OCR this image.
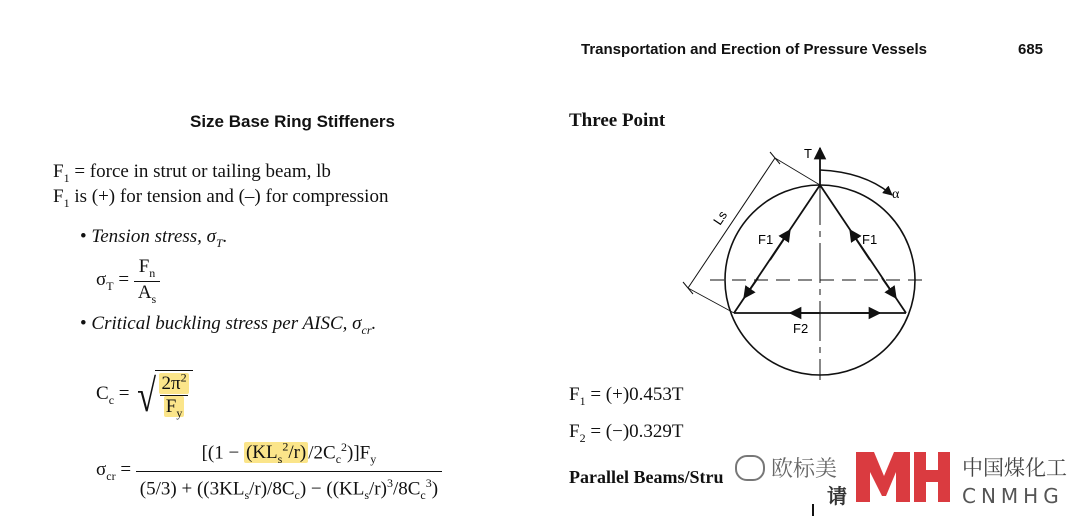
Transportation and Erection of Pressure Vessels	685
Size Base Ring Stiffeners
$F_1$ = force in strut or tailing beam, lb
$F_1$ is (+) for tension and (–) for compression
• Tension stress, $\sigma_T$.
$\sigma_T = \frac{F_n}{A_s}$
• Critical buckling stress per AISC, $\sigma_{cr}$.
$C_c$ = √ $\frac{2\pi^2}{F_y}$
$\sigma_{cr} = \frac{[(1 - (KL_s^2/r) /2C_c^2)]F_y}{(5/3) + ((3KL_s/r)/8C_c) - ((KL_s/r)^3/8C_c^3)}$
Three Point
T
α
Ls
F1	F1
F2
$F_1 = (+)0.453T$
$F_2 = (-)0.329T$
Parallel Beams/Stru 欧标美
请
中国煤化工
CNMHG
